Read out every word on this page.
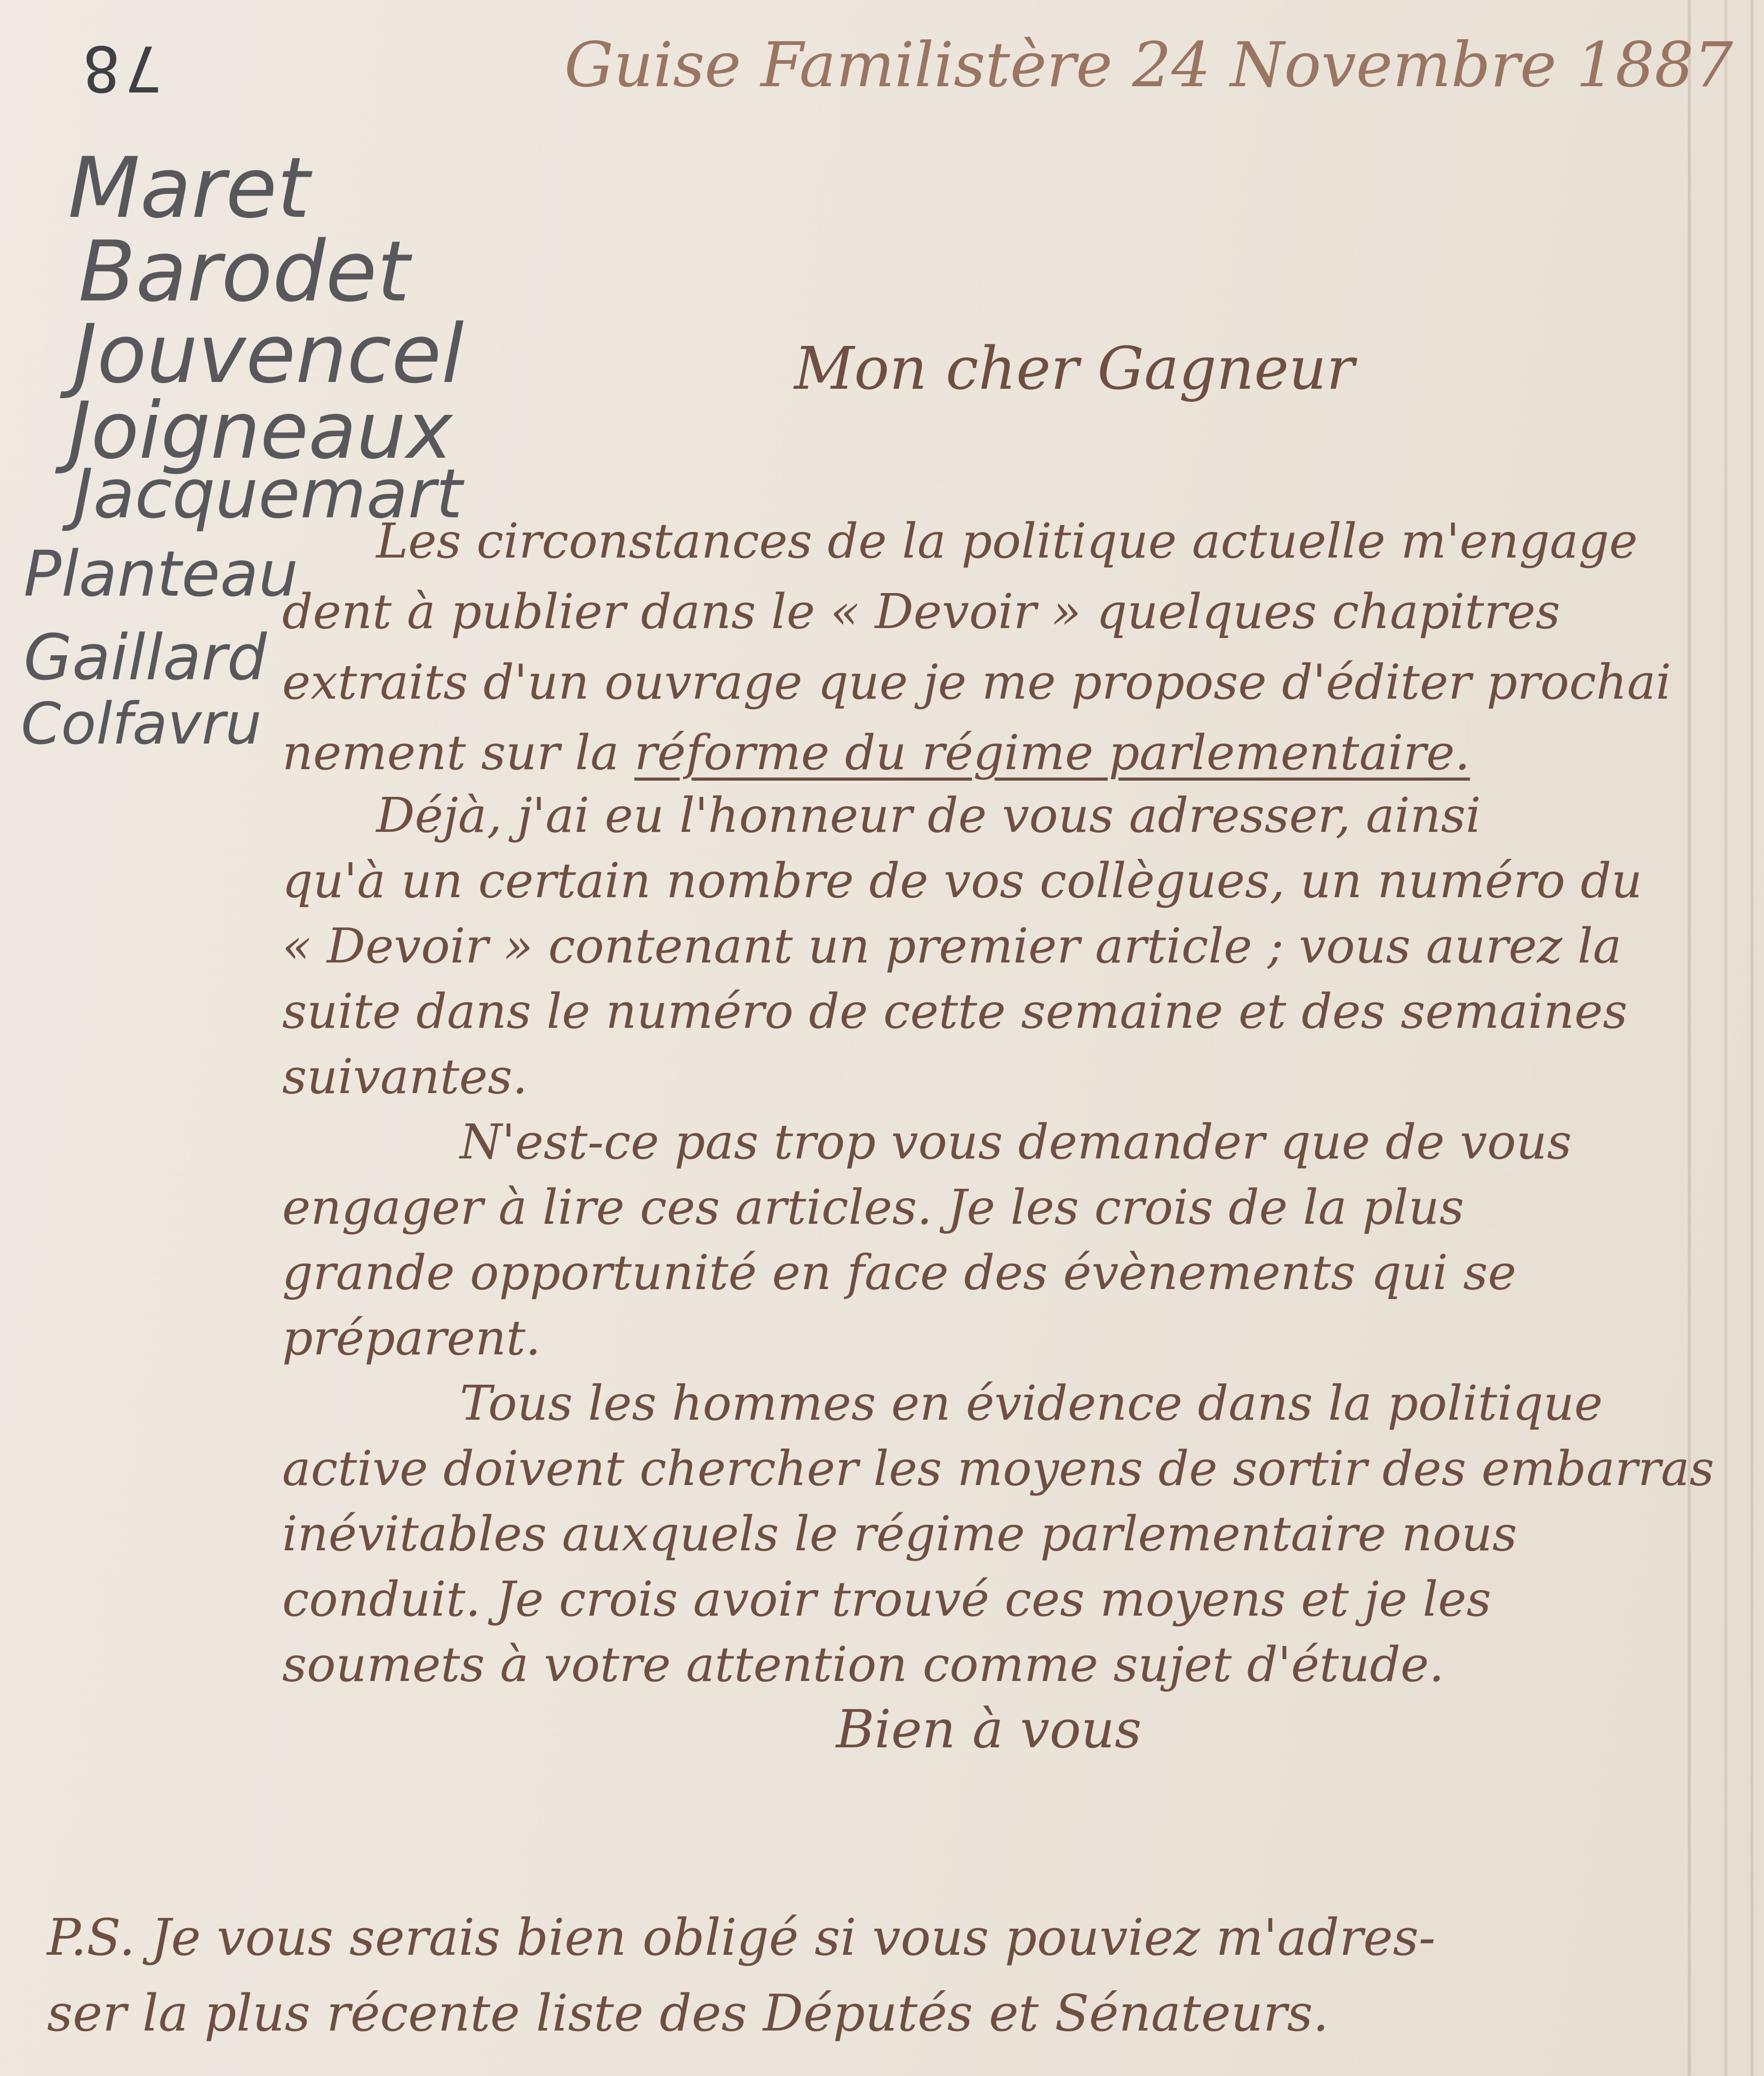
78
Maret
Barodet
Jouvencel
Joigneaux
Jacquemart
Planteau
Gaillard
Colfavru
Guise Familistère 24 Novembre 1887
Mon cher Gagneur
Les circonstances de la politique actuelle m'engage
dent à publier dans le « Devoir » quelques chapitres
extraits d'un ouvrage que je me propose d'éditer prochai
nement sur la réforme du régime parlementaire.
Déjà, j'ai eu l'honneur de vous adresser, ainsi
qu'à un certain nombre de vos collègues, un numéro du
« Devoir » contenant un premier article ; vous aurez la
suite dans le numéro de cette semaine et des semaines
suivantes.
N'est-ce pas trop vous demander que de vous
engager à lire ces articles. Je les crois de la plus
grande opportunité en face des évènements qui se
préparent.
Tous les hommes en évidence dans la politique
active doivent chercher les moyens de sortir des embarras
inévitables auxquels le régime parlementaire nous
conduit. Je crois avoir trouvé ces moyens et je les
soumets à votre attention comme sujet d'étude.
Bien à vous
P.S. Je vous serais bien obligé si vous pouviez m'adres-
ser la plus récente liste des Députés et Sénateurs.
